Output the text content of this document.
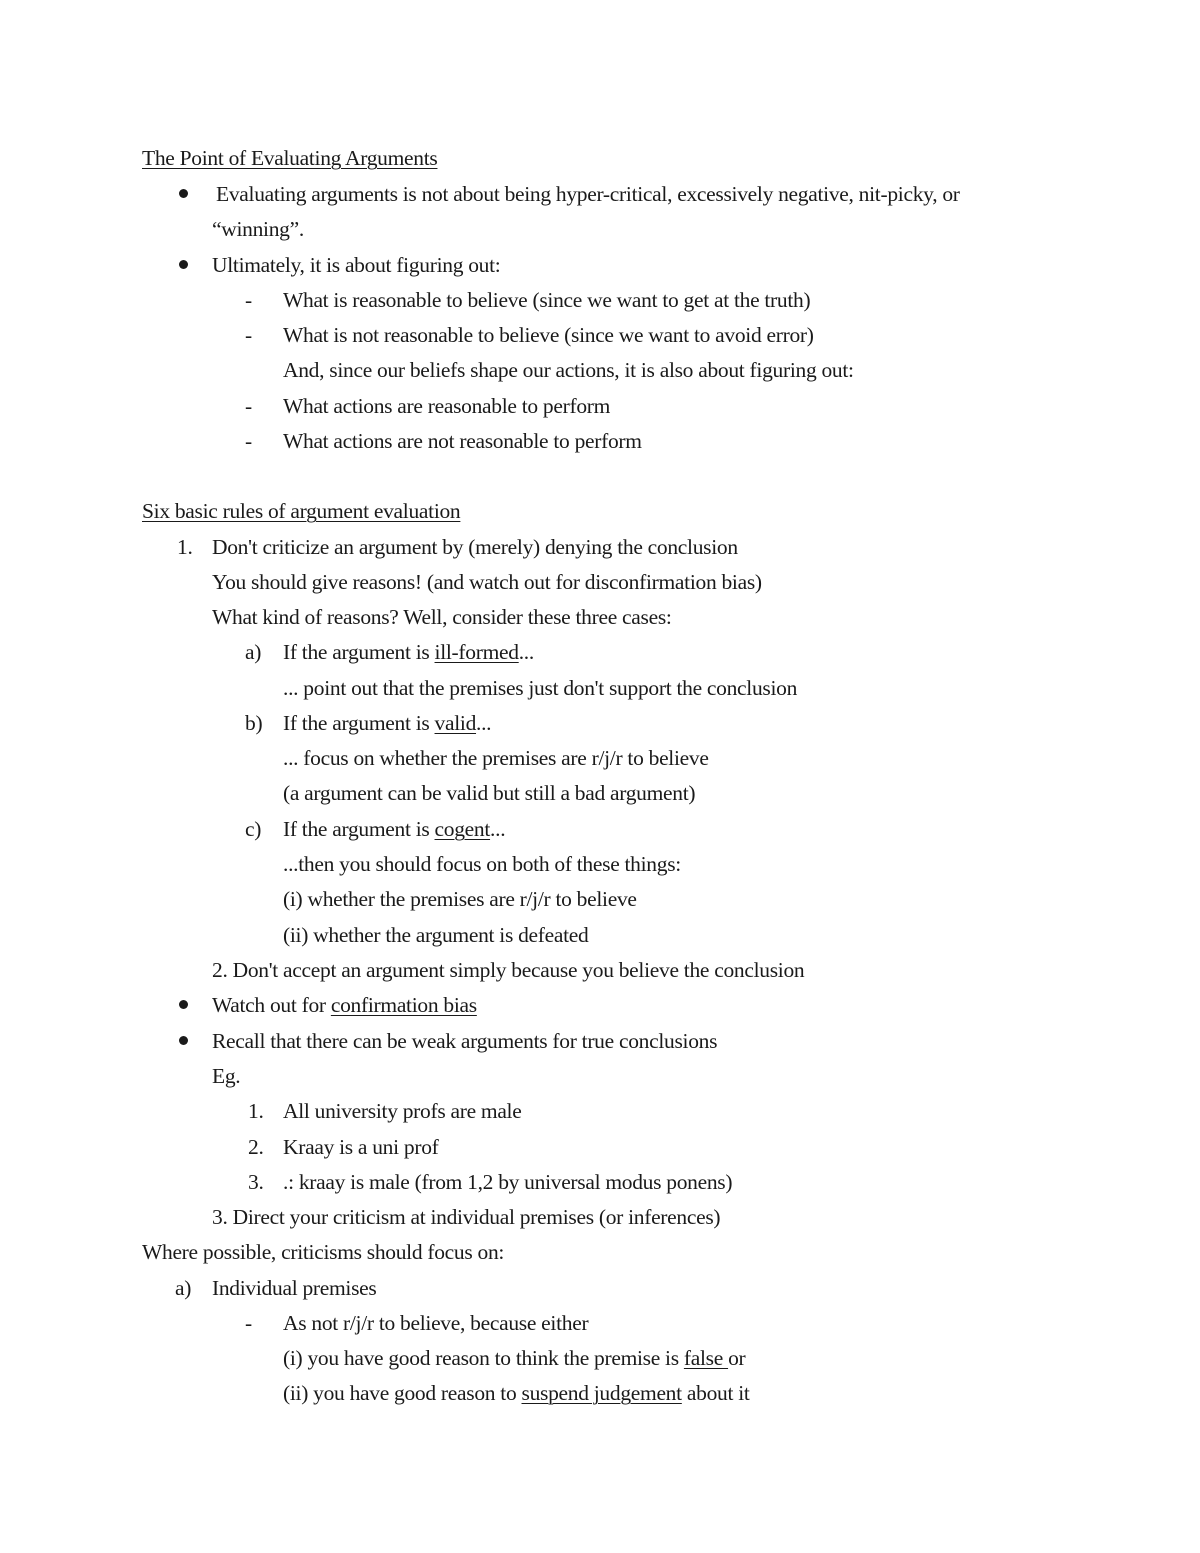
The Point of Evaluating Arguments
Evaluating arguments is not about being hyper-critical, excessively negative, nit-picky, or
“winning”.
Ultimately, it is about figuring out:
- What is reasonable to believe (since we want to get at the truth)
- What is not reasonable to believe (since we want to avoid error)
And, since our beliefs shape our actions, it is also about figuring out:
- What actions are reasonable to perform
- What actions are not reasonable to perform
Six basic rules of argument evaluation
1. Don't criticize an argument by (merely) denying the conclusion
You should give reasons! (and watch out for disconfirmation bias)
What kind of reasons? Well, consider these three cases:
a) If the argument is ill-formed...
... point out that the premises just don't support the conclusion
b) If the argument is valid...
... focus on whether the premises are r/j/r to believe
(a argument can be valid but still a bad argument)
c) If the argument is cogent...
...then you should focus on both of these things:
(i) whether the premises are r/j/r to believe
(ii) whether the argument is defeated
2. Don't accept an argument simply because you believe the conclusion
Watch out for confirmation bias
Recall that there can be weak arguments for true conclusions
Eg.
1. All university profs are male
2. Kraay is a uni prof
3. .: kraay is male (from 1,2 by universal modus ponens)
3. Direct your criticism at individual premises (or inferences)
Where possible, criticisms should focus on:
a) Individual premises
- As not r/j/r to believe, because either
(i) you have good reason to think the premise is false or
(ii) you have good reason to suspend judgement about it
